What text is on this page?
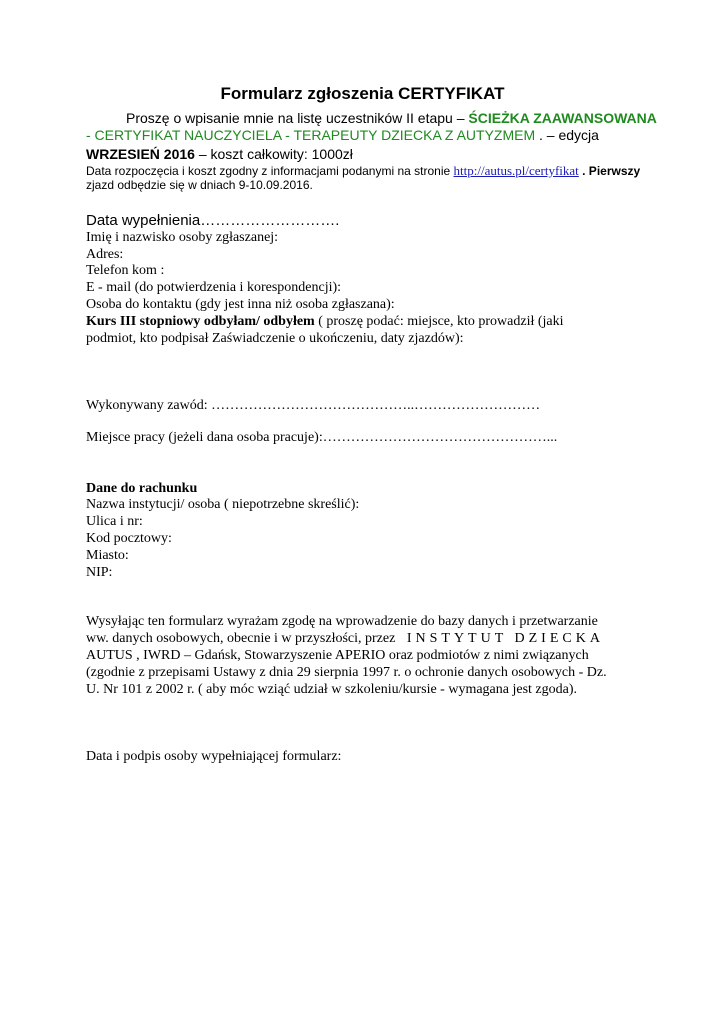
Formularz zgłoszenia CERTYFIKAT
Proszę o wpisanie mnie na listę uczestników II etapu – ŚCIEŻKA ZAAWANSOWANA
- CERTYFIKAT NAUCZYCIELA - TERAPEUTY DZIECKA Z AUTYZMEM . – edycja
WRZESIEŃ 2016 – koszt całkowity: 1000zł
Data rozpoczęcia i koszt zgodny z informacjami podanymi na stronie http://autus.pl/certyfikat . Pierwszy
zjazd odbędzie się w dniach 9-10.09.2016.
Data wypełnienia……………………….
Imię i nazwisko osoby zgłaszanej:
Adres:
Telefon kom :
E - mail (do potwierdzenia i korespondencji):
Osoba do kontaktu (gdy jest inna niż osoba zgłaszana):
Kurs III stopniowy odbyłam/ odbyłem ( proszę podać: miejsce, kto prowadził (jaki
podmiot, kto podpisał Zaświadczenie o ukończeniu, daty zjazdów):
Wykonywany zawód: ……………………………………..………………………
Miejsce pracy (jeżeli dana osoba pracuje):…………………………………………...
Dane do rachunku
Nazwa instytucji/ osoba ( niepotrzebne skreślić):
Ulica i nr:
Kod pocztowy:
Miasto:
NIP:
Wysyłając ten formularz wyrażam zgodę na wprowadzenie do bazy danych i przetwarzanie
ww. danych osobowych, obecnie i w przyszłości, przez INSTYTUT DZIECKA
AUTUS , IWRD – Gdańsk, Stowarzyszenie APERIO oraz podmiotów z nimi związanych
(zgodnie z przepisami Ustawy z dnia 29 sierpnia 1997 r. o ochronie danych osobowych - Dz.
U. Nr 101 z 2002 r. ( aby móc wziąć udział w szkoleniu/kursie - wymagana jest zgoda).
Data i podpis osoby wypełniającej formularz:
